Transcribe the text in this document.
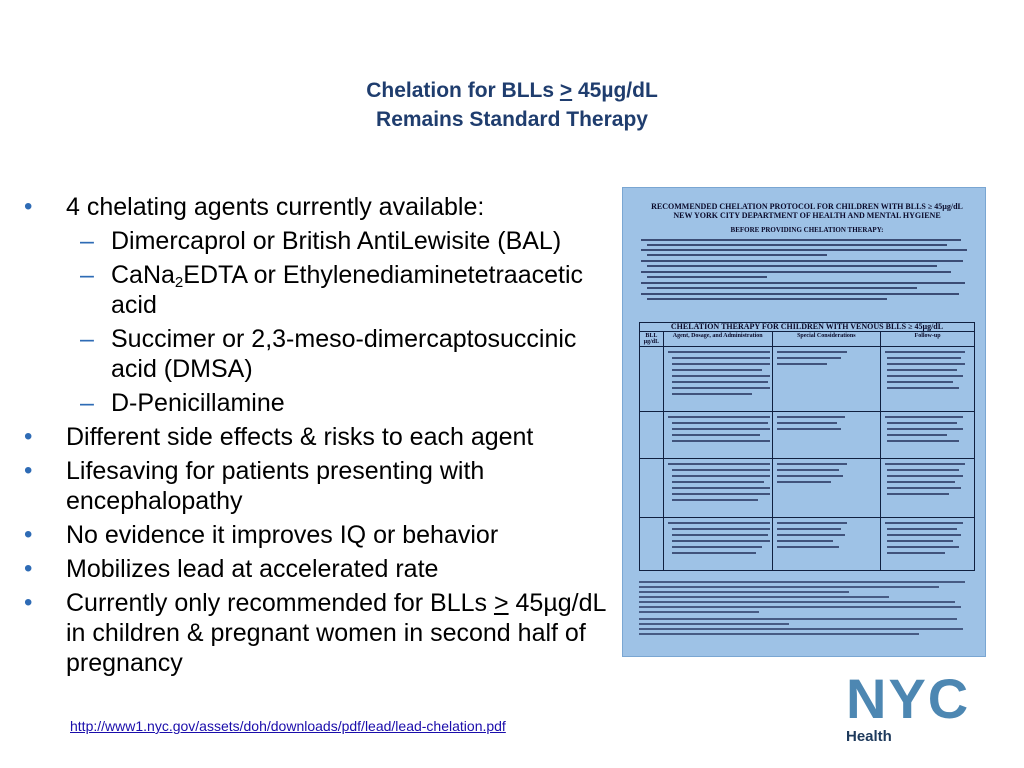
Chelation for BLLs ≥ 45µg/dL
Remains Standard Therapy
• 4 chelating agents currently available:
– Dimercaprol or British AntiLewisite (BAL)
– CaNa$_2$EDTA or Ethylenediaminetetraacetic acid
– Succimer or 2,3-meso-dimercaptosuccinic acid (DMSA)
– D-Penicillamine
• Different side effects & risks to each agent
• Lifesaving for patients presenting with encephalopathy
• No evidence it improves IQ or behavior
• Mobilizes lead at accelerated rate
• Currently only recommended for BLLs ≥ 45µg/dL in children & pregnant women in second half of pregnancy
http://www1.nyc.gov/assets/doh/downloads/pdf/lead/lead-chelation.pdf
RECOMMENDED CHELATION PROTOCOL FOR CHILDREN WITH BLLS ≥ 45µg/dL
NEW YORK CITY DEPARTMENT OF HEALTH AND MENTAL HYGIENE
BEFORE PROVIDING CHELATION THERAPY:
CHELATION THERAPY FOR CHILDREN WITH VENOUS BLLS ≥ 45µg/dL			
BLL µg/dL	Agent, Dosage, and Administration	Special Considerations	Follow-up

NYC
Health
